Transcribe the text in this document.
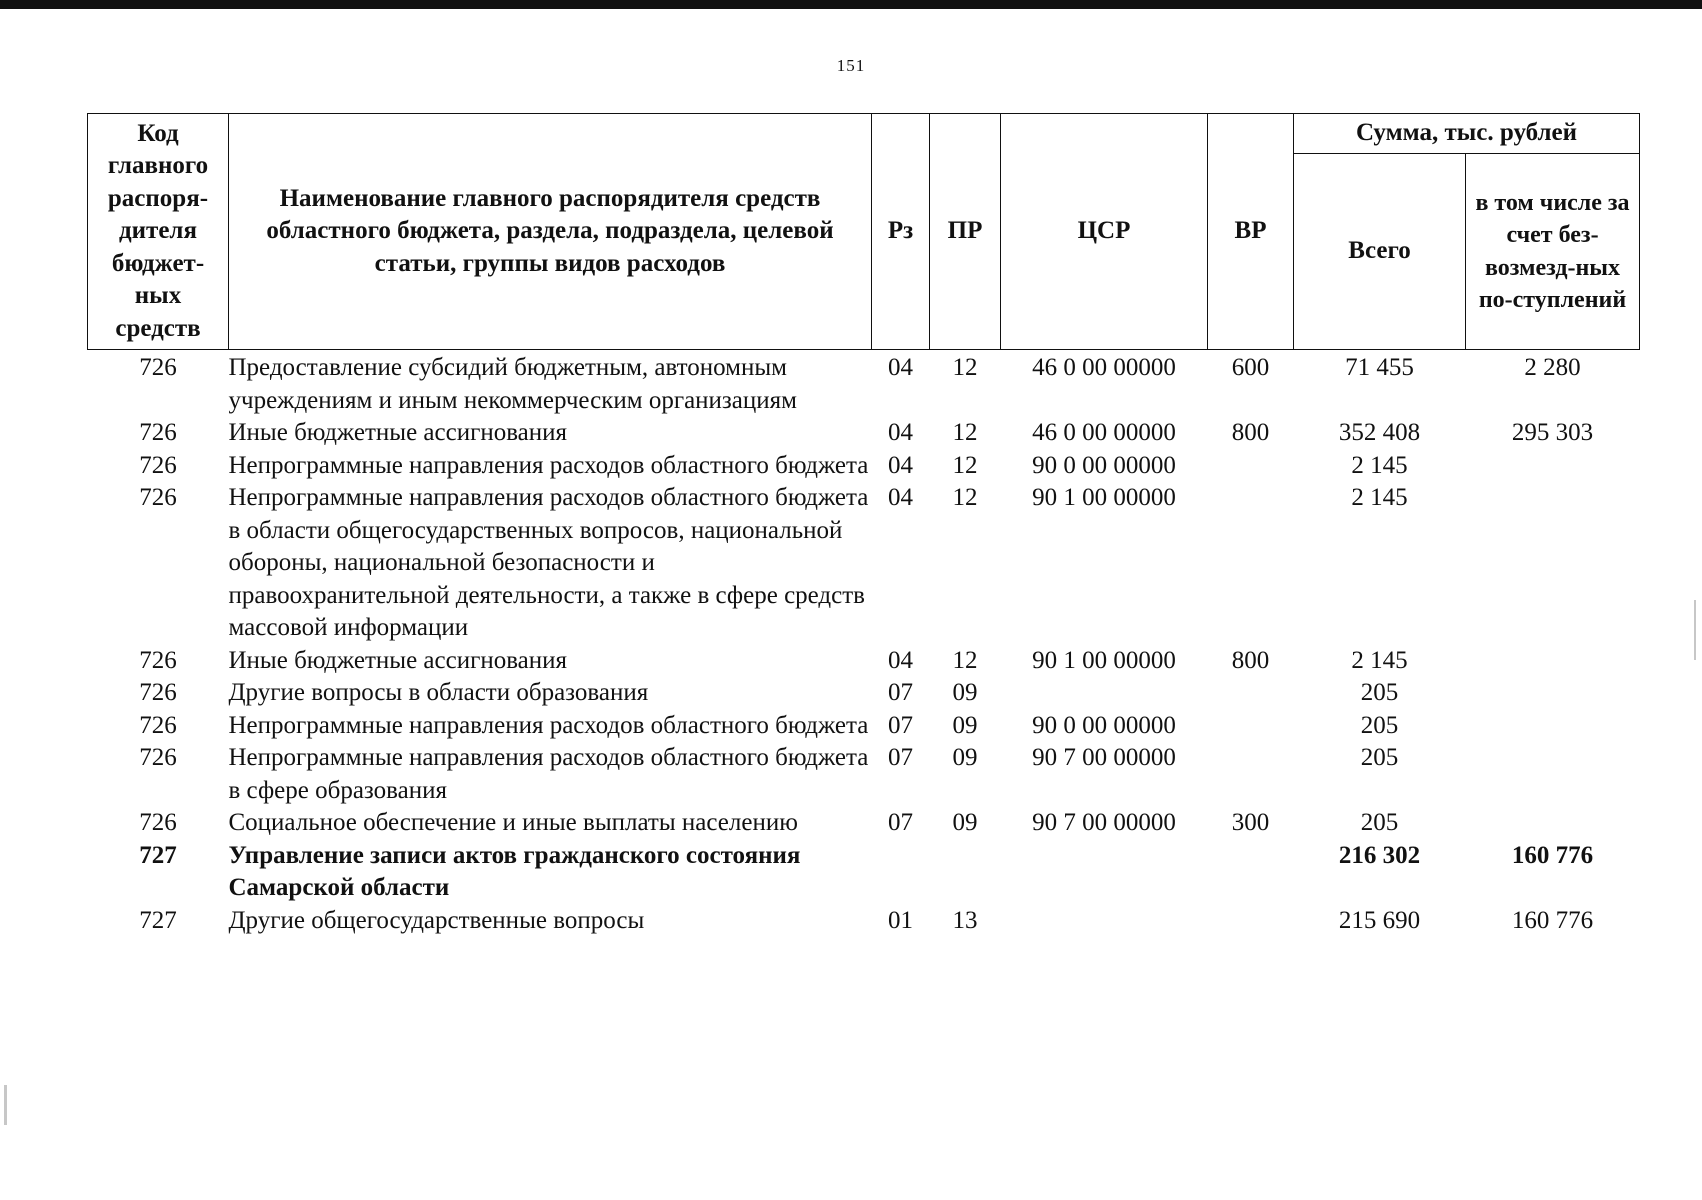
151
Код главного распоря-дителя бюджет-ных средств	Наименование главного распорядителя средств областного бюджета, раздела, подраздела, целевой статьи, группы видов расходов	Рз	ПР	ЦСР	ВР	Сумма, тыс. рублей	
						Всего	в том числе за счет без-возмезд-ных по-ступлений
726	Предоставление субсидий бюджетным, автономным учреждениям и иным некоммерческим организациям	04	12	46 0 00 00000	600	71 455	2 280
726	Иные бюджетные ассигнования	04	12	46 0 00 00000	800	352 408	295 303
726	Непрограммные направления расходов областного бюджета	04	12	90 0 00 00000		2 145	
726	Непрограммные направления расходов областного бюджета в области общегосударственных вопросов, национальной обороны, национальной безопасности и правоохранительной деятельности, а также в сфере средств массовой информации	04	12	90 1 00 00000		2 145	
726	Иные бюджетные ассигнования	04	12	90 1 00 00000	800	2 145	
726	Другие вопросы в области образования	07	09			205	
726	Непрограммные направления расходов областного бюджета	07	09	90 0 00 00000		205	
726	Непрограммные направления расходов областного бюджета в сфере образования	07	09	90 7 00 00000		205	
726	Социальное обеспечение и иные выплаты населению	07	09	90 7 00 00000	300	205	
727	Управление записи актов гражданского состояния Самарской области					216 302	160 776
727	Другие общегосударственные вопросы	01	13			215 690	160 776
